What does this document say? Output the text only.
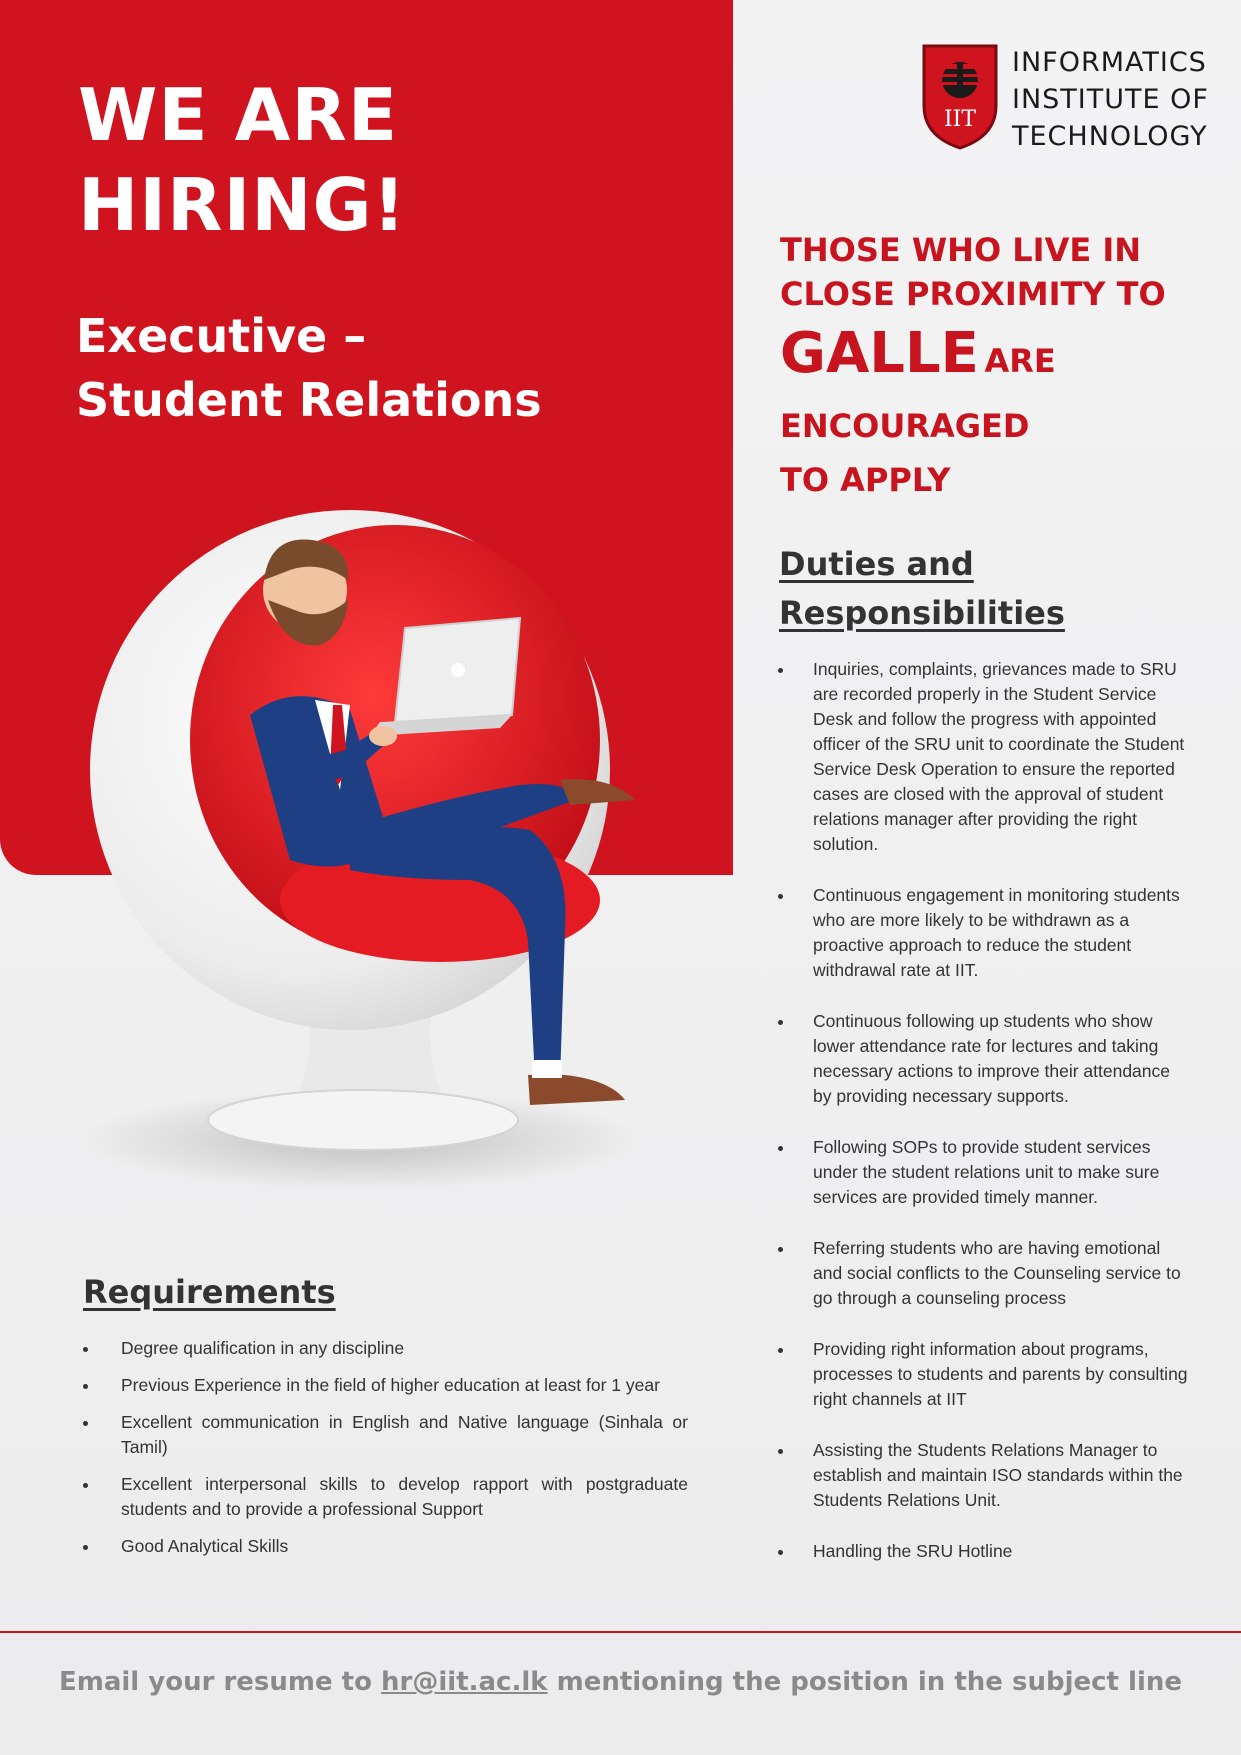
WE ARE
HIRING!
Executive –
Student Relations
IIT

INFORMATICS
INSTITUTE OF
TECHNOLOGY

THOSE WHO LIVE IN
CLOSE PROXIMITY TO
GALLE ARE
ENCOURAGED
TO APPLY
Duties and
Responsibilities
Inquiries, complaints, grievances made to SRU are recorded properly in the Student Service Desk and follow the progress with appointed officer of the SRU unit to coordinate the Student Service Desk Operation to ensure the reported cases are closed with the approval of student relations manager after providing the right solution.
Continuous engagement in monitoring students who are more likely to be withdrawn as a proactive approach to reduce the student withdrawal rate at IIT.
Continuous following up students who show lower attendance rate for lectures and taking necessary actions to improve their attendance by providing necessary supports.
Following SOPs to provide student services under the student relations unit to make sure services are provided timely manner.
Referring students who are having emotional and social conflicts to the Counseling service to go through a counseling process
Providing right information about programs, processes to students and parents by consulting right channels at IIT
Assisting the Students Relations Manager to establish and maintain ISO standards within the Students Relations Unit.
Handling the SRU Hotline
Requirements
Degree qualification in any discipline
Previous Experience in the field of higher education at least for 1 year
Excellent communication in English and Native language (Sinhala or Tamil)
Excellent interpersonal skills to develop rapport with postgraduate students and to provide a professional Support
Good Analytical Skills

Email your resume to hr@iit.ac.lk mentioning the position in the subject line
